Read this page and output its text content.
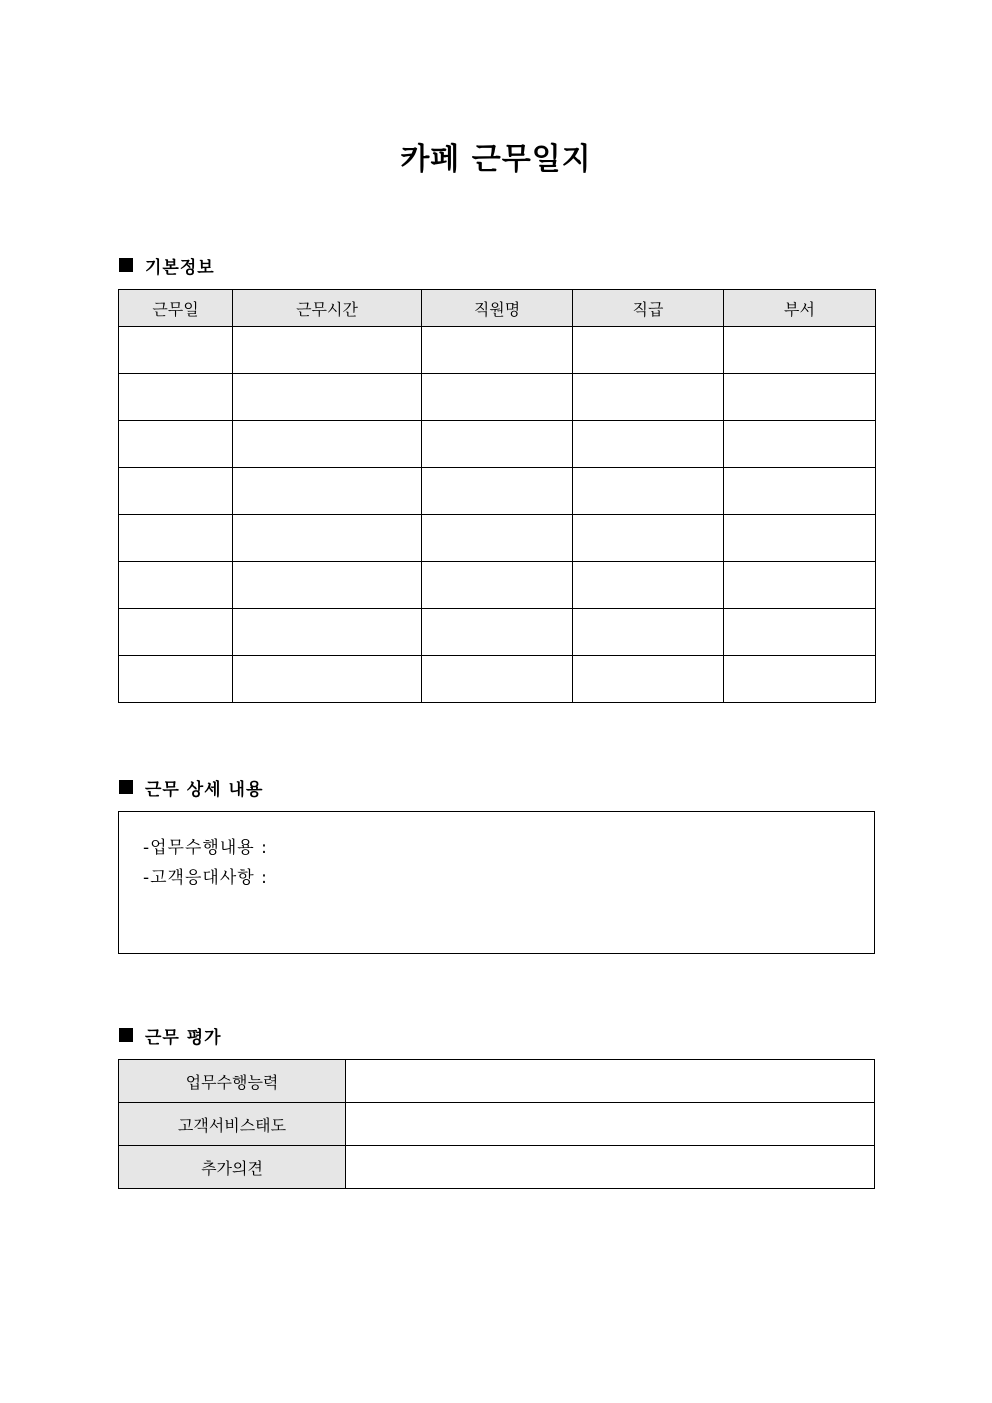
카페 근무일지
기본정보
근무일	근무시간	직원명	직급	부서

근무 상세 내용
-업무수행내용 :
-고객응대사항 :
근무 평가
업무수행능력	
고객서비스태도	
추가의견	
